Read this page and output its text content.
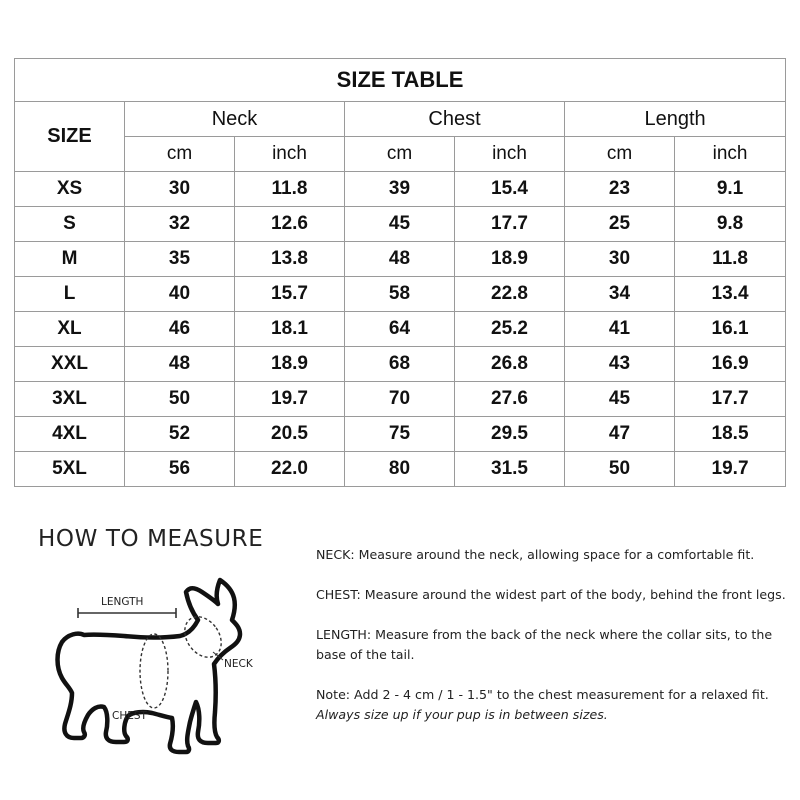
SIZE TABLE						
SIZE	Neck		Chest		Length	
	cm	inch	cm	inch	cm	inch
XS	30	11.8	39	15.4	23	9.1
S	32	12.6	45	17.7	25	9.8
M	35	13.8	48	18.9	30	11.8
L	40	15.7	58	22.8	34	13.4
XL	46	18.1	64	25.2	41	16.1
XXL	48	18.9	68	26.8	43	16.9
3XL	50	19.7	70	27.6	45	17.7
4XL	52	20.5	75	29.5	47	18.5
5XL	56	22.0	80	31.5	50	19.7
HOW TO MEASURE
LENGTH
NECK
CHEST

NECK: Measure around the neck, allowing space for a comfortable fit.

CHEST: Measure around the widest part of the body, behind the front legs.

LENGTH: Measure from the back of the neck where the collar sits, to the base of the tail.

Note: Add 2 - 4 cm / 1 - 1.5" to the chest measurement for a relaxed fit.
Always size up if your pup is in between sizes.
